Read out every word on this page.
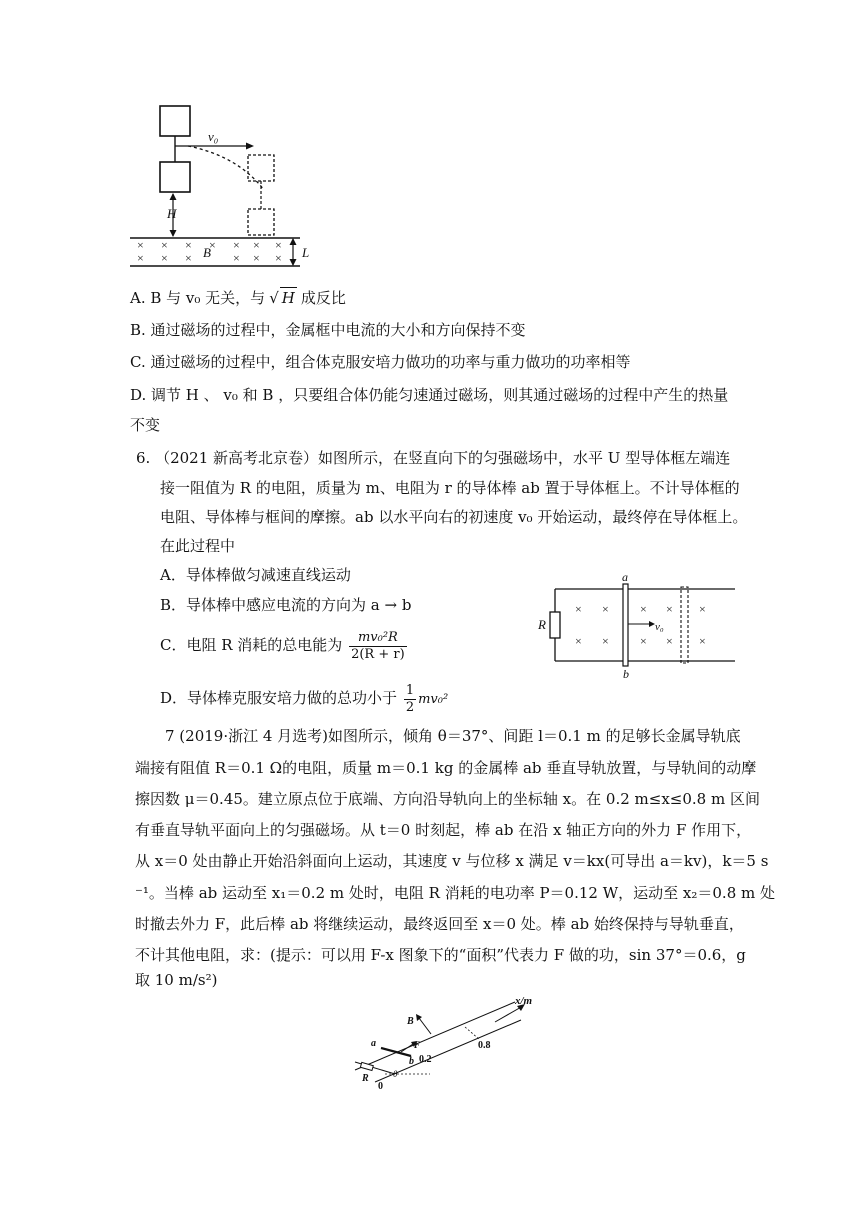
v₀
H
× × × × × × ×
× × ×	× × ×
B	L
A. B 与 v₀ 无关，与 √ H 成反比
B. 通过磁场的过程中，金属框中电流的大小和方向保持不变
C. 通过磁场的过程中，组合体克服安培力做功的功率与重力做功的功率相等
D. 调节 H 、 v₀ 和 B ，只要组合体仍能匀速通过磁场，则其通过磁场的过程中产生的热量
不变
6. （2021 新高考北京卷）如图所示，在竖直向下的匀强磁场中，水平 U 型导体框左端连
接一阻值为 R 的电阻，质量为 m、电阻为 r 的导体棒 ab 置于导体框上。不计导体框的
电阻、导体棒与框间的摩擦。ab 以水平向右的初速度 v₀ 开始运动，最终停在导体框上。
在此过程中
A．导体棒做匀减速直线运动
B．导体棒中感应电流的方向为 a → b
C．电阻 R 消耗的总电能为 $\frac{\text{mv₀²R}}{2(R + r)}$
D．导体棒克服安培力做的总功小于 $\frac{1}{2} mv_0^2$
R
a
b
v₀
× ×	× × ×
× ×	× × ×
7 (2019·浙江 4 月选考)如图所示，倾角 θ＝37°、间距 l＝0.1 m 的足够长金属导轨底
端接有阻值 R＝0.1 Ω的电阻，质量 m＝0.1 kg 的金属棒 ab 垂直导轨放置，与导轨间的动摩
擦因数 μ＝0.45。建立原点位于底端、方向沿导轨向上的坐标轴 x。在 0.2 m≤x≤0.8 m 区间
有垂直导轨平面向上的匀强磁场。从 t＝0 时刻起，棒 ab 在沿 x 轴正方向的外力 F 作用下，
从 x＝0 处由静止开始沿斜面向上运动，其速度 v 与位移 x 满足 v＝kx(可导出 a＝kv)，k＝5 s
⁻¹。当棒 ab 运动至 x₁＝0.2 m 处时，电阻 R 消耗的电功率 P＝0.12 W，运动至 x₂＝0.8 m 处
时撤去外力 F，此后棒 ab 将继续运动，最终返回至 x＝0 处。棒 ab 始终保持与导轨垂直，
不计其他电阻，求：(提示：可以用 F-x 图象下的“面积”代表力 F 做的功，sin 37°＝0.6，g
取 10 m/s²)
x/m
0.8
B
a	F
b 0.2
R	θ
0
